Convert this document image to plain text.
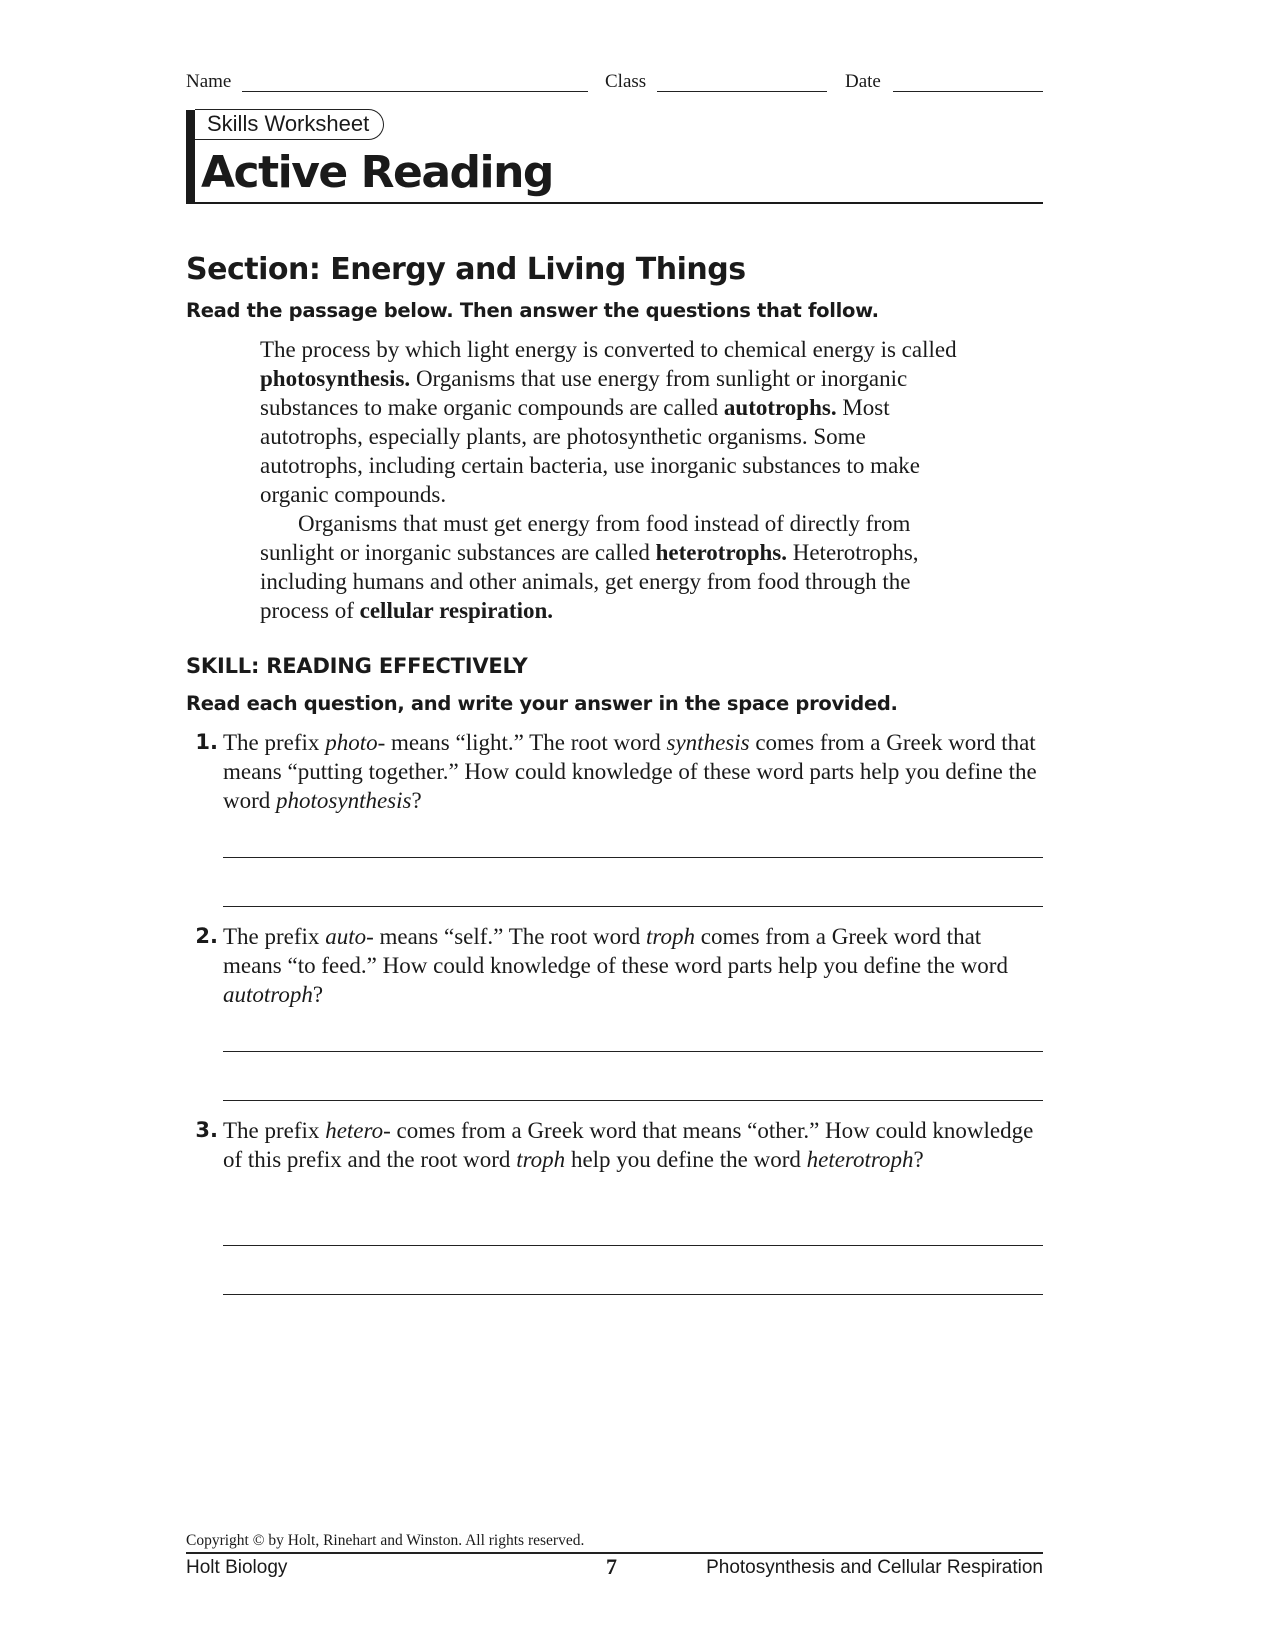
Name	Class	Date
Skills Worksheet
Active Reading
Section: Energy and Living Things
Read the passage below. Then answer the questions that follow.

The process by which light energy is converted to chemical energy is called photosynthesis. Organisms that use energy from sunlight or inorganic substances to make organic compounds are called autotrophs. Most autotrophs, especially plants, are photosynthetic organisms. Some autotrophs, including certain bacteria, use inorganic substances to make organic compounds.

Organisms that must get energy from food instead of directly from sunlight or inorganic substances are called heterotrophs. Heterotrophs, including humans and other animals, get energy from food through the process of cellular respiration.

SKILL: READING EFFECTIVELY
Read each question, and write your answer in the space provided.
1. The prefix photo- means “light.” The root word synthesis comes from a Greek word that means “putting together.” How could knowledge of these word parts help you define the word photosynthesis?
2. The prefix auto- means “self.” The root word troph comes from a Greek word that means “to feed.” How could knowledge of these word parts help you define the word autotroph?
3. The prefix hetero- comes from a Greek word that means “other.” How could knowledge of this prefix and the root word troph help you define the word heterotroph?
Copyright © by Holt, Rinehart and Winston. All rights reserved.
Holt Biology	7	Photosynthesis and Cellular Respiration
